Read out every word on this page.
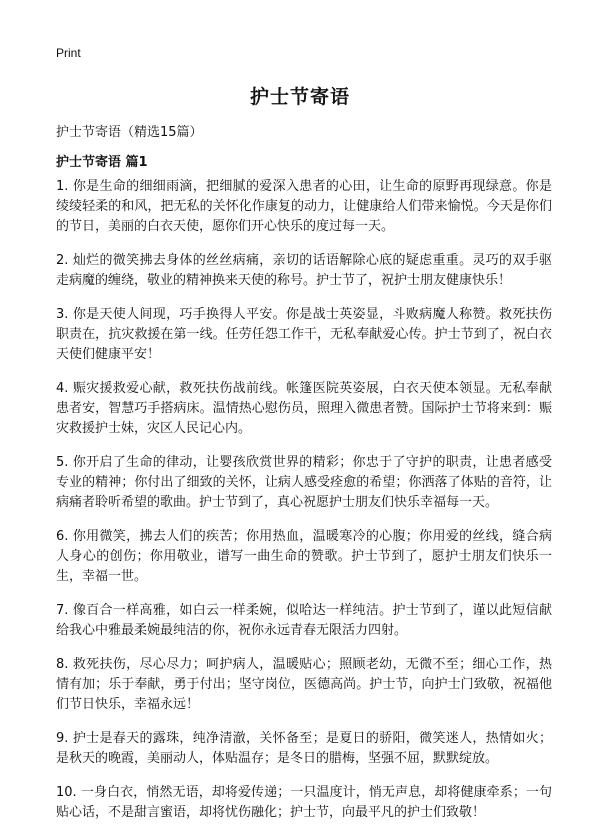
Print
护士节寄语
护士节寄语（精选15篇）
护士节寄语 篇1

1. 你是生命的细细雨滴，把细腻的爱深入患者的心田，让生命的原野再现绿意。你是绫绫轻柔的和风，把无私的关怀化作康复的动力，让健康给人们带来愉悦。今天是你们的节日，美丽的白衣天使，愿你们开心快乐的度过每一天。

2. 灿烂的微笑拂去身体的丝丝病痛，亲切的话语解除心底的疑虑重重。灵巧的双手驱走病魔的缠绕，敬业的精神换来天使的称号。护士节了，祝护士朋友健康快乐！

3. 你是天使人间现，巧手换得人平安。你是战士英姿显，斗败病魔人称赞。救死扶伤职责在，抗灾救援在第一线。任劳任怨工作干，无私奉献爱心传。护士节到了，祝白衣天使们健康平安！

4. 赈灾援救爱心献，救死扶伤战前线。帐篷医院英姿展，白衣天使本领显。无私奉献患者安，智慧巧手搭病床。温情热心慰伤员，照理入微患者赞。国际护士节将来到：赈灾救援护士妹，灾区人民记心内。

5. 你开启了生命的律动，让婴孩欣赏世界的精彩；你忠于了守护的职责，让患者感受专业的精神；你付出了细致的关怀，让病人感受痊愈的希望；你洒落了体贴的音符，让病痛者聆听希望的歌曲。护士节到了，真心祝愿护士朋友们快乐幸福每一天。

6. 你用微笑，拂去人们的疾苦；你用热血，温暖寒冷的心腹；你用爱的丝线，缝合病人身心的创伤；你用敬业，谱写一曲生命的赞歌。护士节到了，愿护士朋友们快乐一生，幸福一世。

7. 像百合一样高雅，如白云一样柔婉，似哈达一样纯洁。护士节到了，谨以此短信献给我心中雅最柔婉最纯洁的你，祝你永远青春无限活力四射。

8. 救死扶伤，尽心尽力；呵护病人，温暖贴心；照顾老幼，无微不至；细心工作，热情有加；乐于奉献，勇于付出；坚守岗位，医德高尚。护士节，向护士门致敬，祝福他们节日快乐，幸福永远！

9. 护士是春天的露珠，纯净清澈，关怀备至；是夏日的骄阳，微笑迷人，热情如火；是秋天的晚霞，美丽动人，体贴温存；是冬日的腊梅，坚强不屈，默默绽放。

10. 一身白衣，悄然无语，却将爱传递；一只温度计，悄无声息，却将健康牵系；一句贴心话，不是甜言蜜语，却将忧伤融化；护士节，向最平凡的护士们致敬！
